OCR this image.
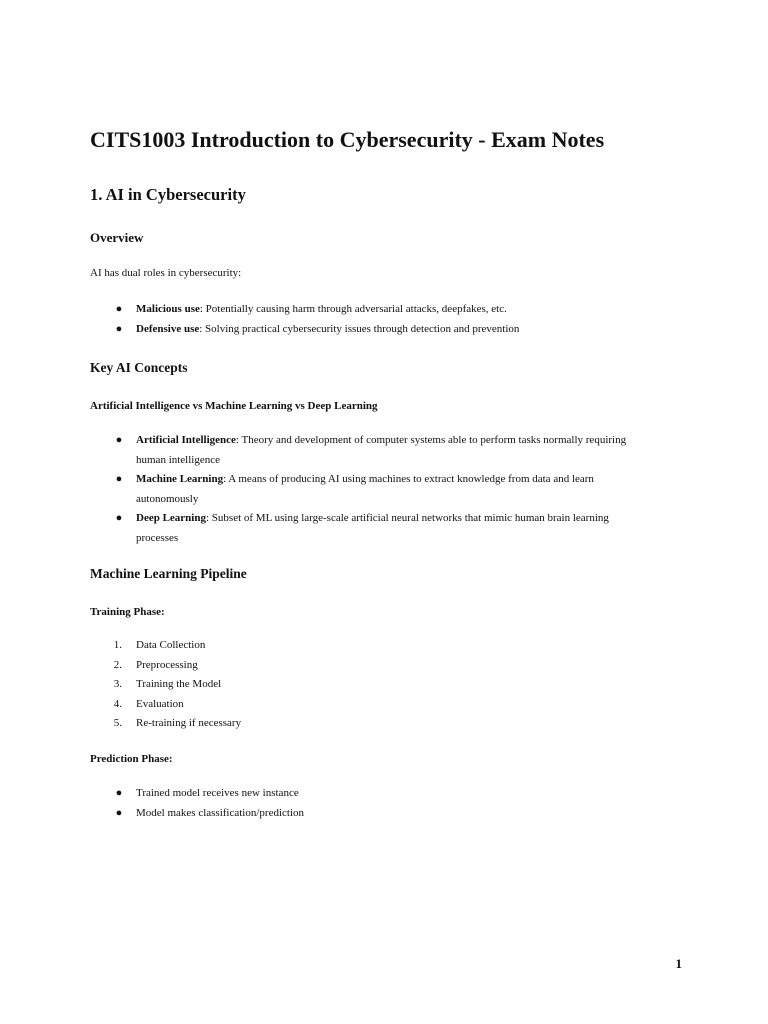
CITS1003 Introduction to Cybersecurity - Exam Notes
1. AI in Cybersecurity
Overview

AI has dual roles in cybersecurity:

●	Malicious use: Potentially causing harm through adversarial attacks, deepfakes, etc.
●	Defensive use: Solving practical cybersecurity issues through detection and prevention
Key AI Concepts
Artificial Intelligence vs Machine Learning vs Deep Learning
●	Artificial Intelligence: Theory and development of computer systems able to perform tasks normally requiring
human intelligence
●	Machine Learning: A means of producing AI using machines to extract knowledge from data and learn
autonomously
●	Deep Learning: Subset of ML using large-scale artificial neural networks that mimic human brain learning
processes
Machine Learning Pipeline
Training Phase:
1. Data Collection
2. Preprocessing
3. Training the Model
4. Evaluation
5. Re-training if necessary
Prediction Phase:
●	Trained model receives new instance
●	Model makes classification/prediction
1
